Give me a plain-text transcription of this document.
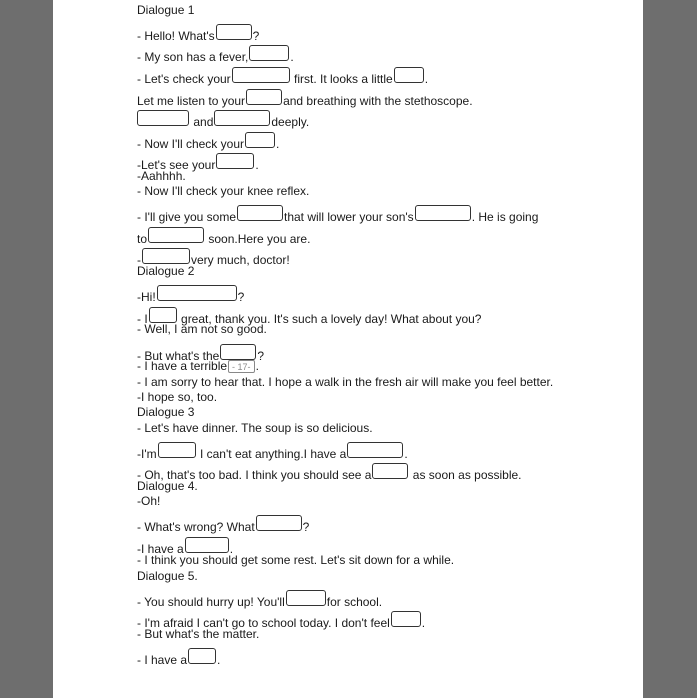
Dialogue 1
- Hello! What's	?
- My son has a fever,	.
- Let's check your	first. It looks a little	.
Let me listen to your	and breathing with the stethoscope.
and	deeply.
- Now I'll check your	.
-Let's see your	.
-Aahhhh.
- Now I'll check your knee reflex.
- I'll give you some	that will lower your son's	. He is going
to	soon.Here you are.
-	very much, doctor!
Dialogue 2
-Hi!	?
- I	great, thank you. It's such a lovely day! What about you?
- Well, I am not so good.
- But what's the	?
- I have a terrible - 17- .
- I am sorry to hear that. I hope a walk in the fresh air will make you feel better.
-I hope so, too.
Dialogue 3
- Let's have dinner. The soup is so delicious.
-I'm	I can't eat anything.I have a	.
- Oh, that's too bad. I think you should see a	as soon as possible.
Dialogue 4.
-Oh!
- What's wrong? What	?
-I have a	.
- I think you should get some rest. Let's sit down for a while.
Dialogue 5.
- You should hurry up! You'll	for school.
- I'm afraid I can't go to school today. I don't feel	.
- But what's the matter.
- I have a	.
